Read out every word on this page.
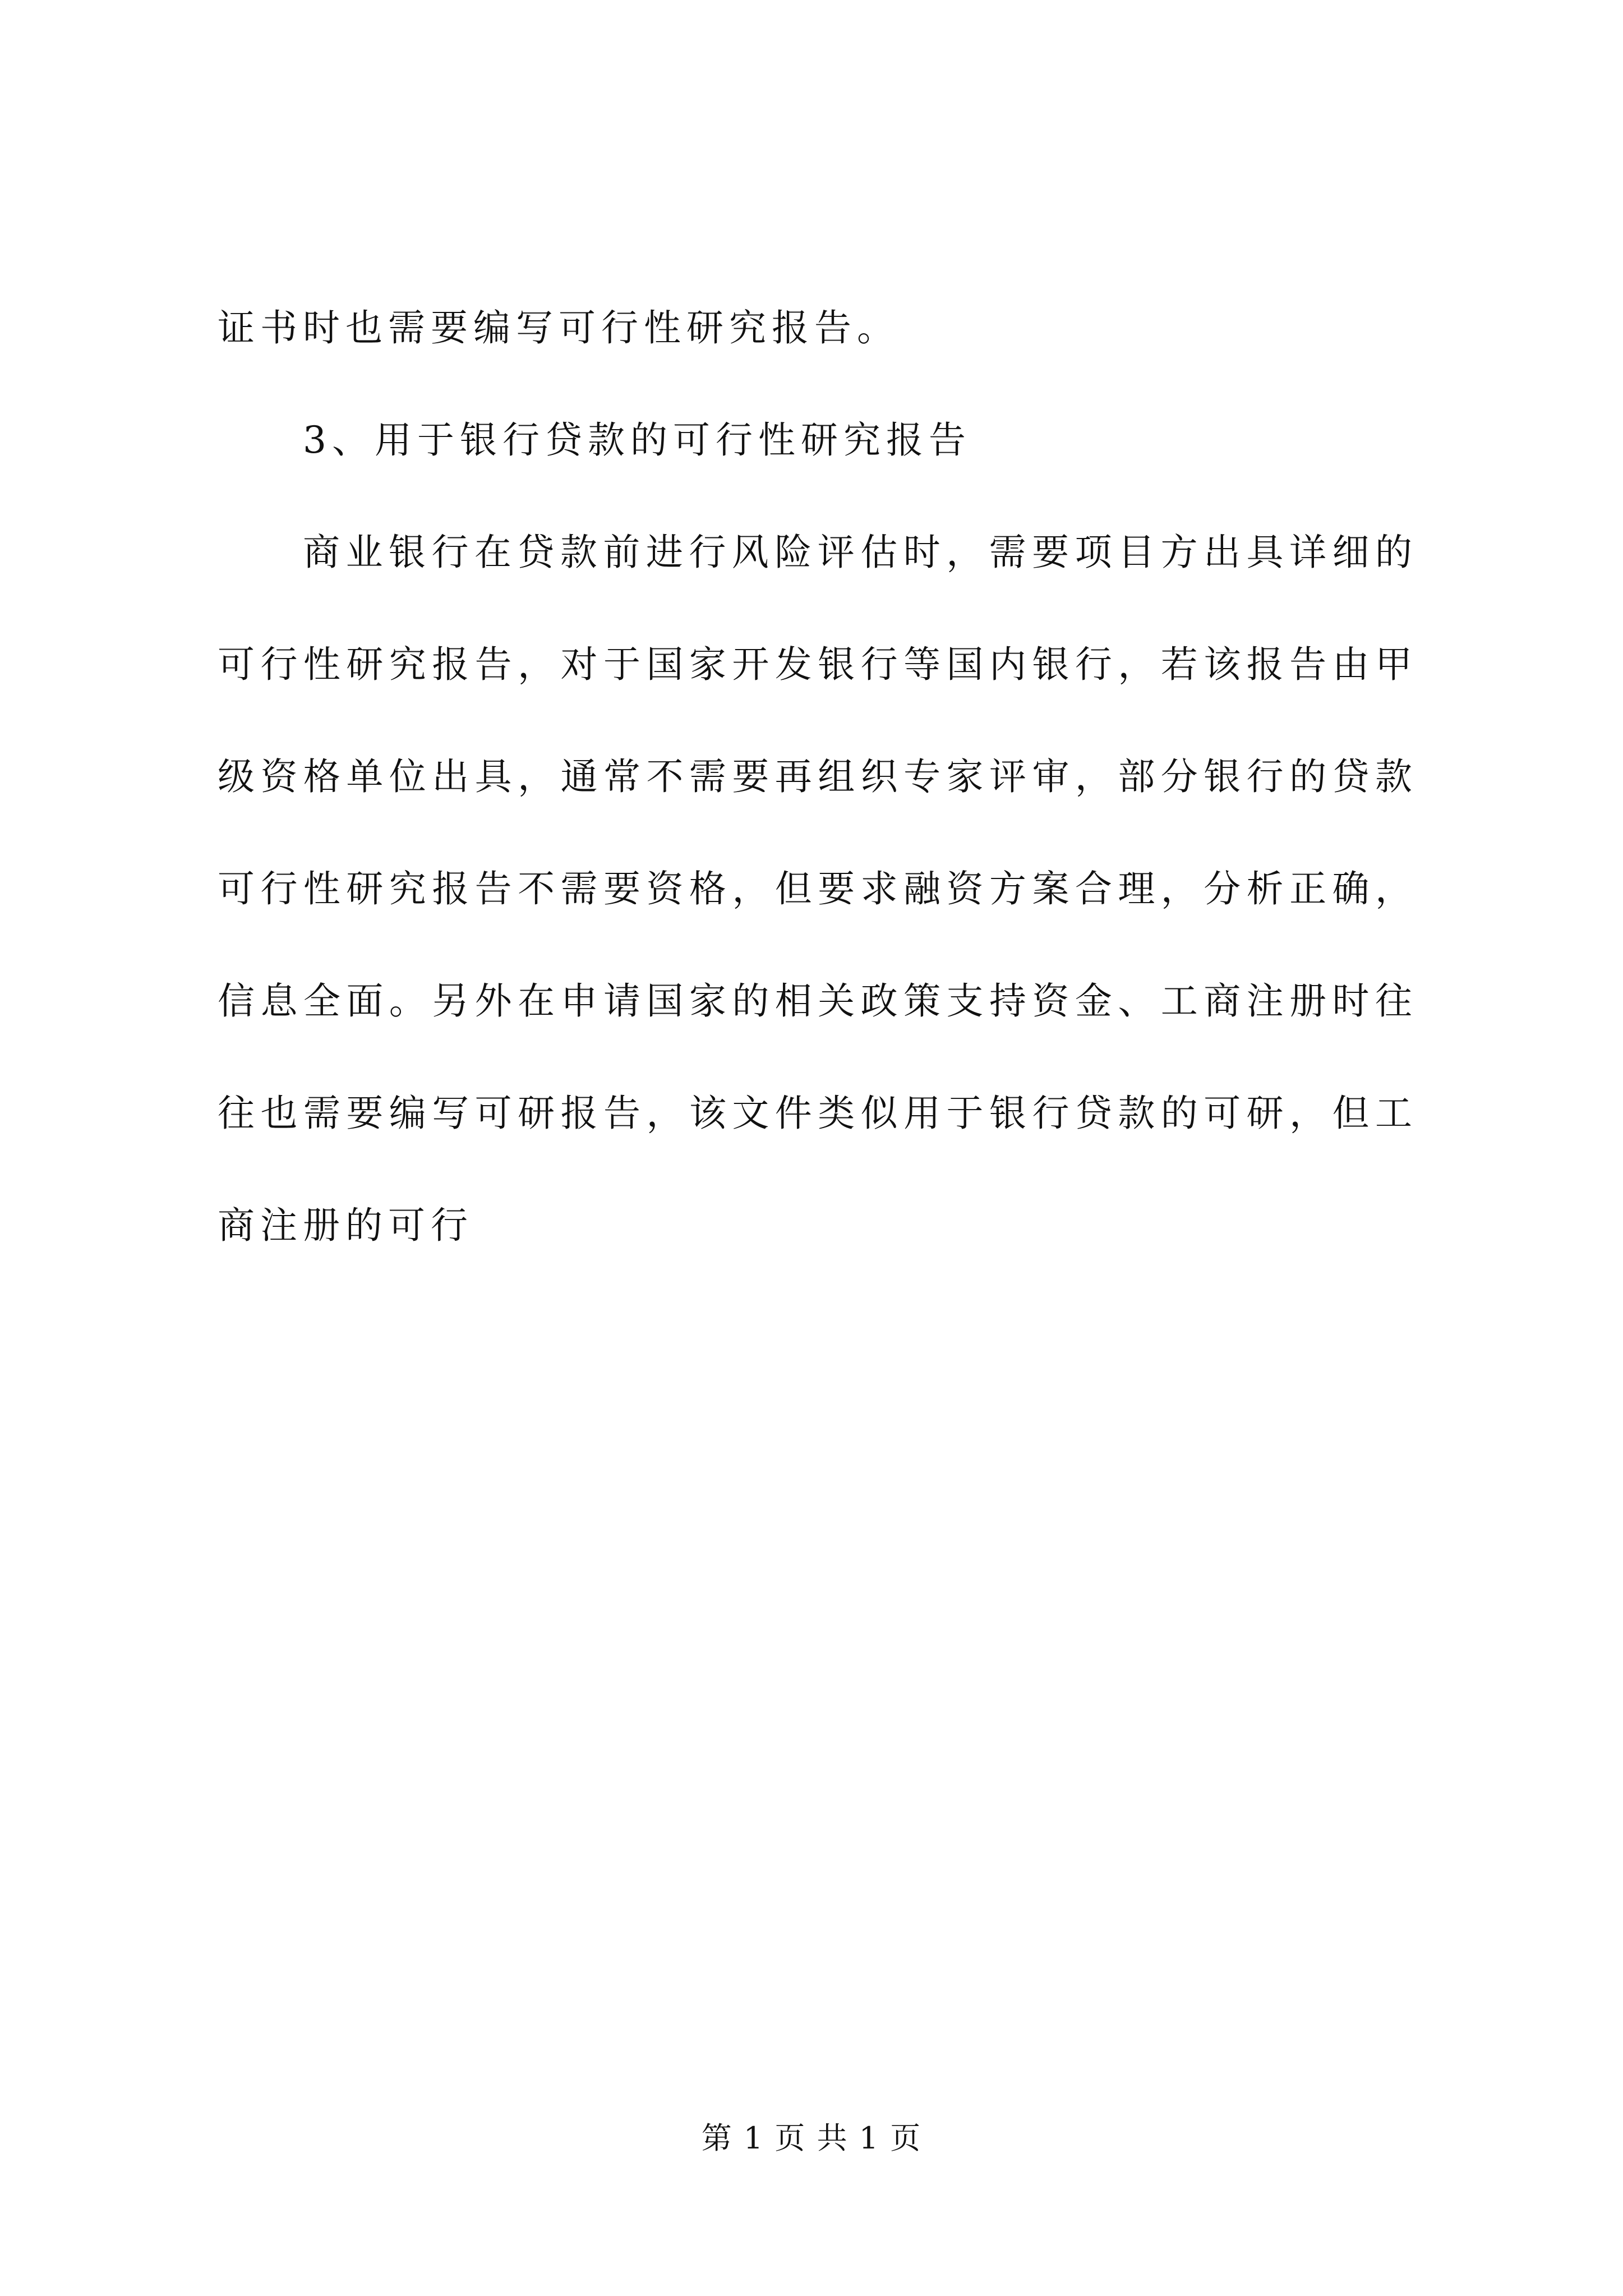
证书时也需要编写可行性研究报告。
3、用于银行贷款的可行性研究报告
商业银行在贷款前进行风险评估时，需要项目方出具详细的
可行性研究报告，对于国家开发银行等国内银行，若该报告由甲
级资格单位出具，通常不需要再组织专家评审，部分银行的贷款
可行性研究报告不需要资格，但要求融资方案合理，分析正确，
信息全面。另外在申请国家的相关政策支持资金、工商注册时往
往也需要编写可研报告，该文件类似用于银行贷款的可研，但工
商注册的可行
第 1 页 共 1 页
